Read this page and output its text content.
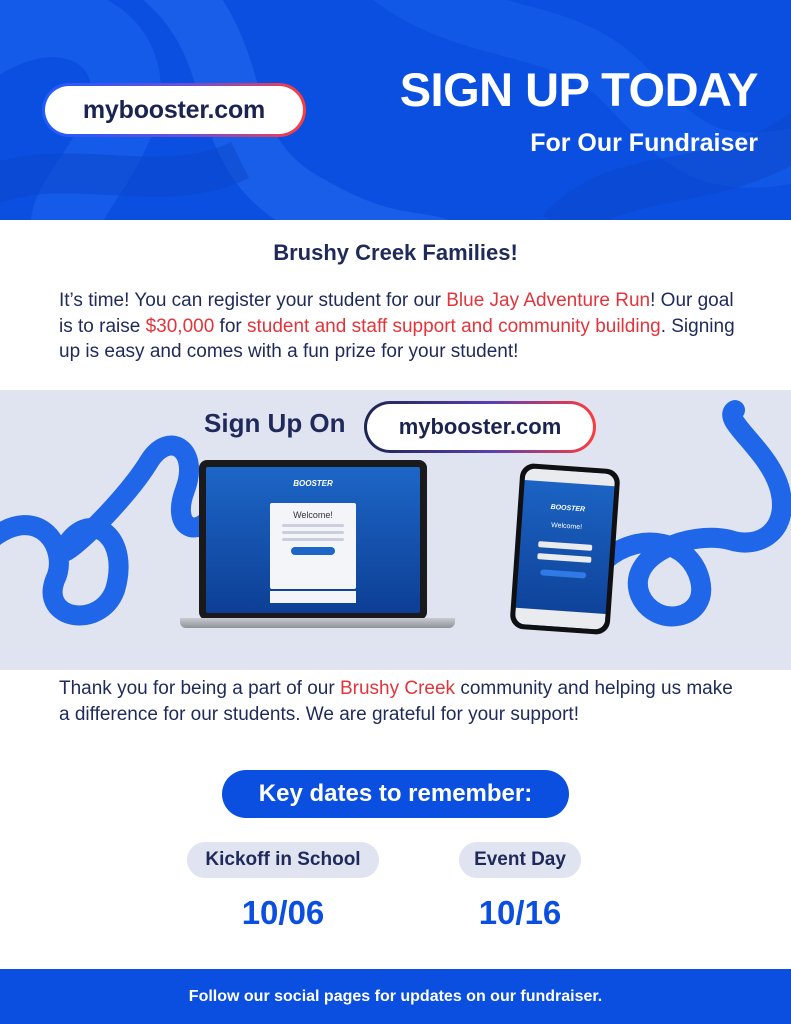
mybooster.com	SIGN UP TODAY
For Our Fundraiser
Brushy Creek Families!

It’s time! You can register your student for our Blue Jay Adventure Run! Our goal is to raise $30,000 for student and staff support and community building. Signing up is easy and comes with a fun prize for your student!

Sign Up On	mybooster.com
BOOSTER
Welcome!
BOOSTER
Welcome!

Thank you for being a part of our Brushy Creek community and helping us make a difference for our students. We are grateful for your support!

Key dates to remember:
Kickoff in School
10/06
Event Day
10/16
Follow our social pages for updates on our fundraiser.
